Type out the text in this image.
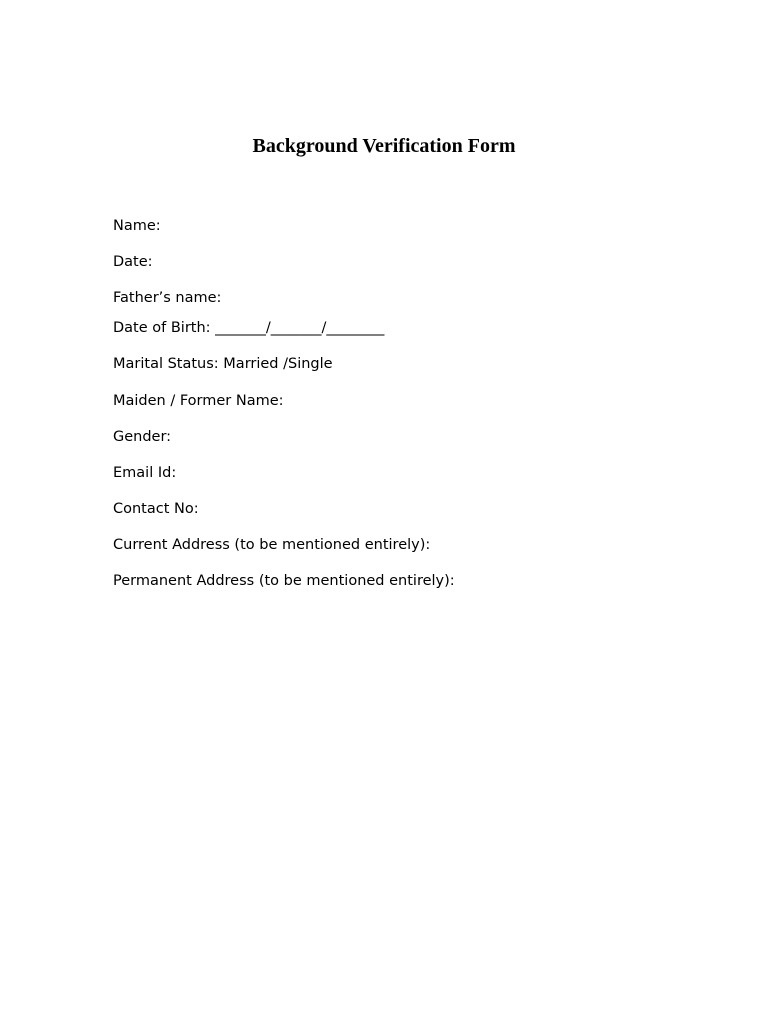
Background Verification Form
Name:
Date:
Father’s name:
Date of Birth: _______/_______/________
Marital Status: Married /Single
Maiden / Former Name:
Gender:
Email Id:
Contact No:
Current Address (to be mentioned entirely):
Permanent Address (to be mentioned entirely):
